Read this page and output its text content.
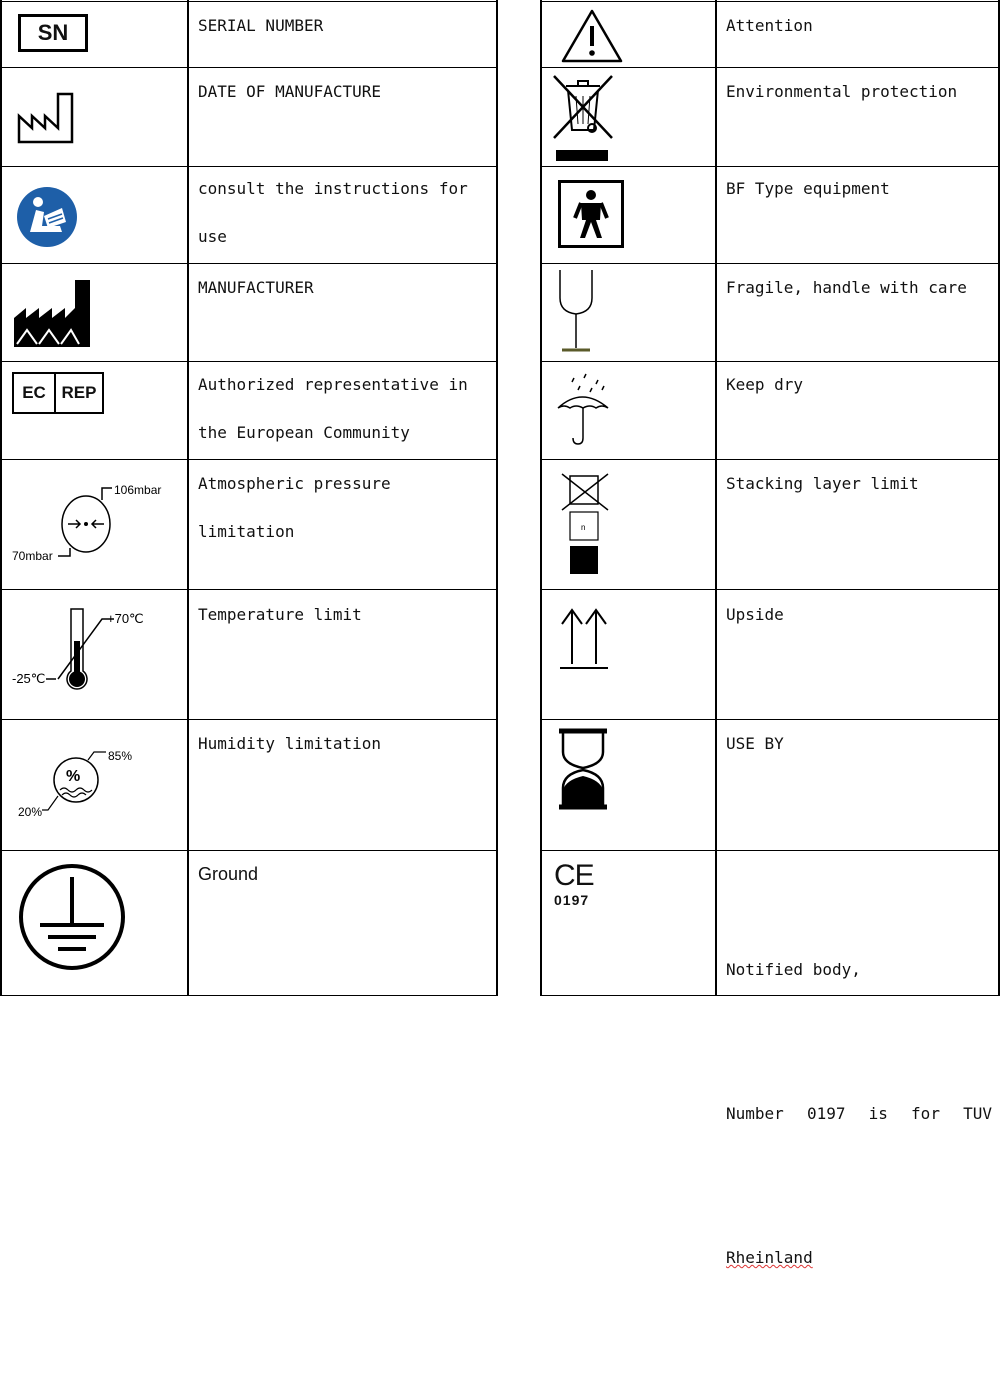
SN	SERIAL NUMBER
DATE OF MANUFACTURE
consult the instructions for use
MANUFACTURER
EC REP	Authorized representative in the European Community
106mbar
70mbar
Atmospheric pressure limitation
+70℃
-25℃
Temperature limit
%
85%
20%
Humidity limitation
Ground
Attention
Environmental protection
BF Type equipment
Fragile, handle with care
Keep dry
n
Stacking layer limit
Upside
USE BY
CE
0197

Notified body,

Number 0197 is for TUV

Rheinland
